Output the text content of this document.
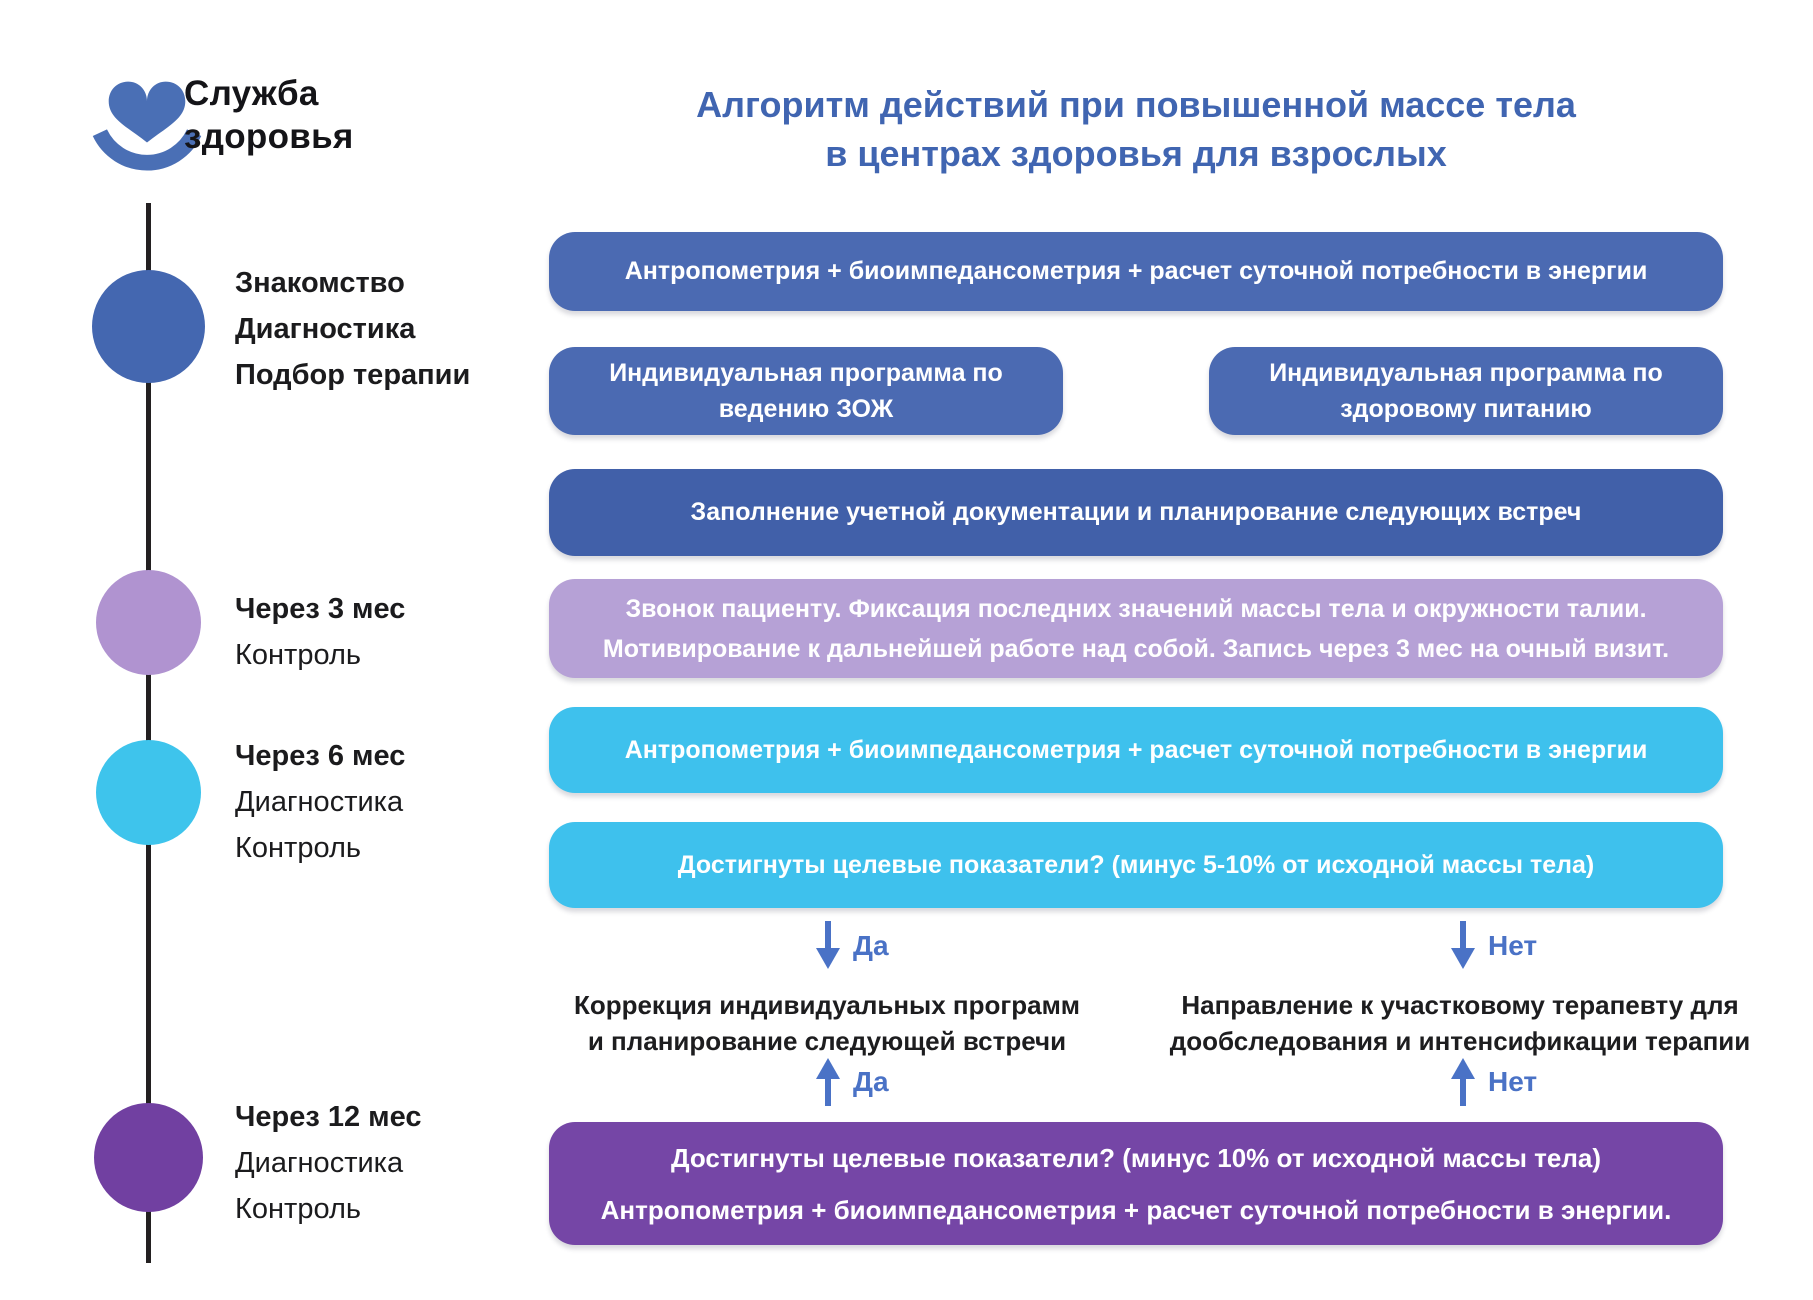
Служба
здоровья
Алгоритм действий при повышенной массе тела
в центрах здоровья для взрослых
Знакомство
Диагностика
Подбор терапии
Через 3 мес
Контроль
Через 6 мес
Диагностика
Контроль
Через 12 мес
Диагностика
Контроль
Антропометрия + биоимпедансометрия + расчет суточной потребности в энергии
Индивидуальная программа по
ведению ЗОЖ
Индивидуальная программа по
здоровому питанию
Заполнение учетной документации и планирование следующих встреч
Звонок пациенту. Фиксация последних значений массы тела и окружности талии.
Мотивирование к дальнейшей работе над собой. Запись через 3 мес на очный визит.
Антропометрия + биоимпедансометрия + расчет суточной потребности в энергии
Достигнуты целевые показатели? (минус 5-10% от исходной массы тела)
Да	Нет
Коррекция индивидуальных программ
и планирование следующей встречи
Направление к участковому терапевту для
дообследования и интенсификации терапии
Да	Нет
Достигнуты целевые показатели? (минус 10% от исходной массы тела)
Антропометрия + биоимпедансометрия + расчет суточной потребности в энергии.
